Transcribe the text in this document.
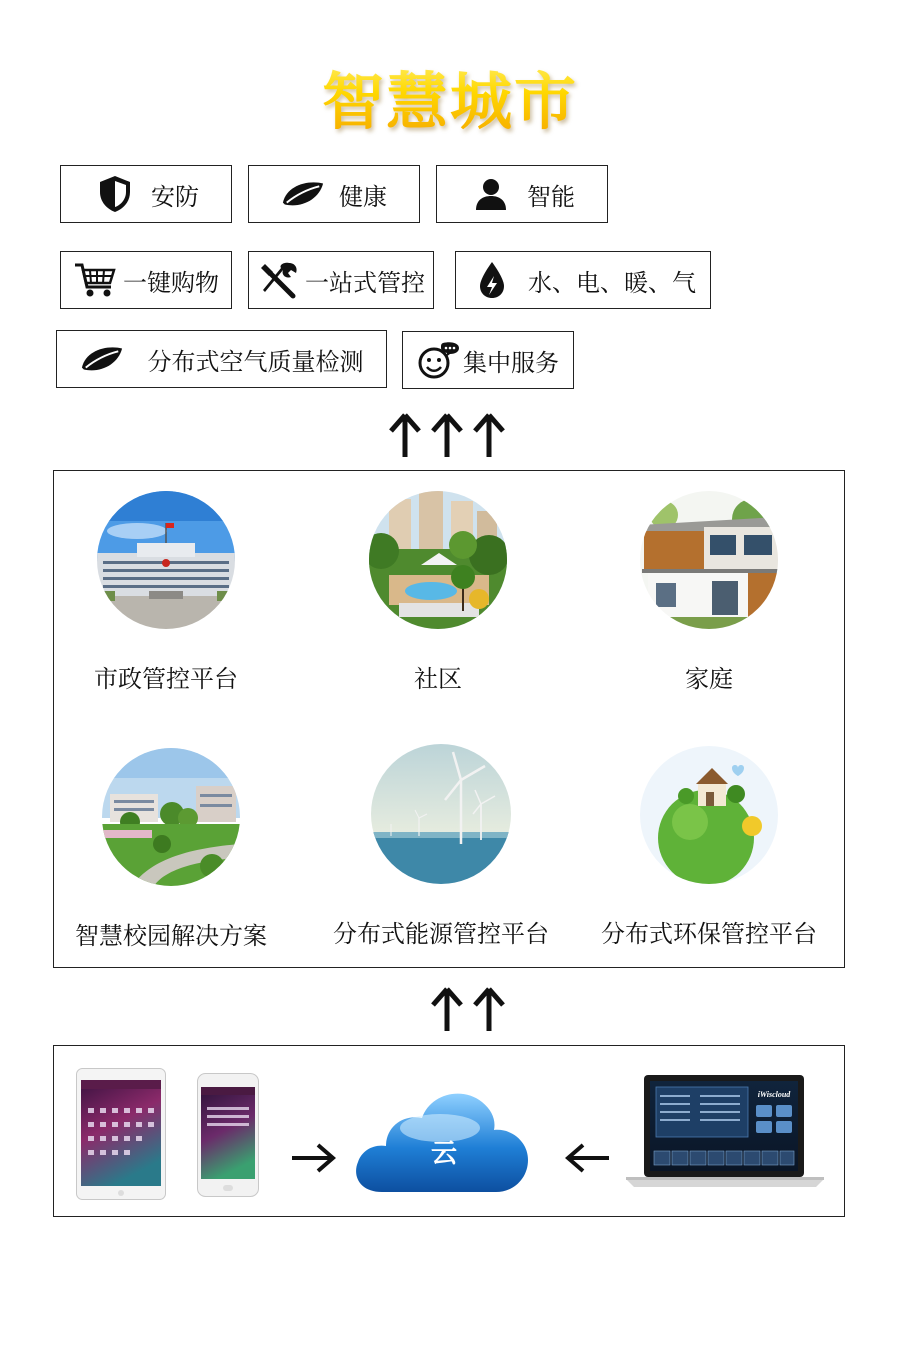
智慧城市
安防	健康	智能
一键购物	一站式管控	水、电、暖、气
分布式空气质量检测	集中服务
市政管控平台	社区	家庭
智慧校园解决方案	分布式能源管控平台 分布式环保管控平台
云
iWiscloud
